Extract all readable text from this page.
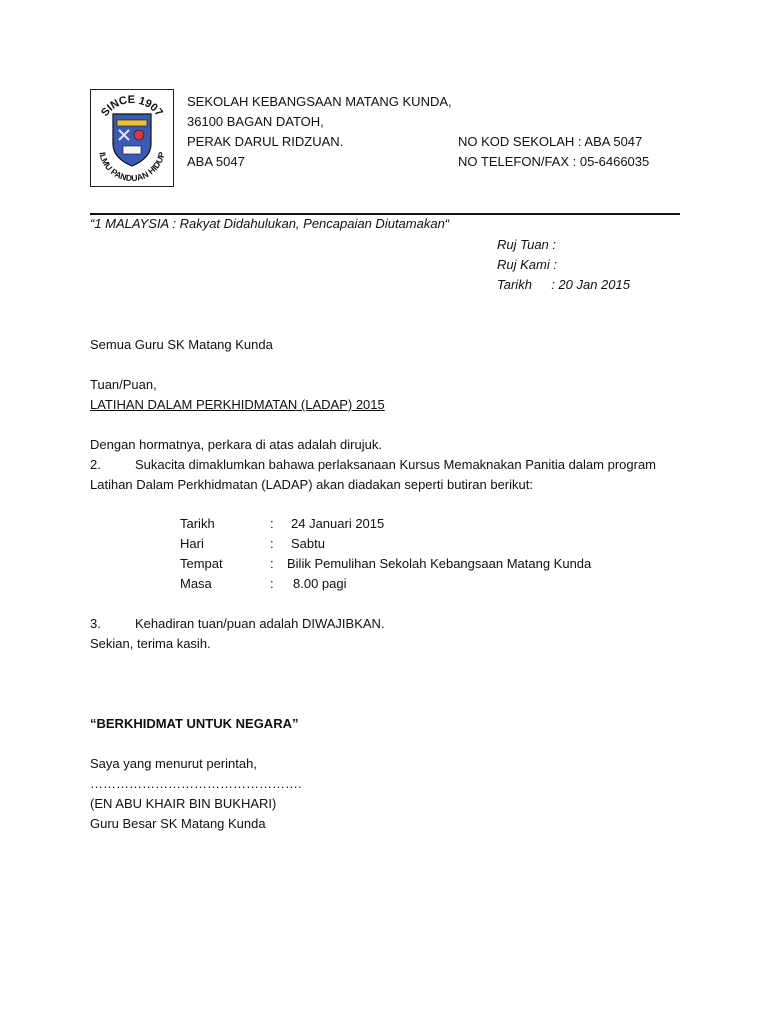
SINCE 1907
ILMU PANDUAN HIDUP
SEKOLAH KEBANGSAAN MATANG KUNDA,
36100 BAGAN DATOH,
PERAK DARUL RIDZUAN.
ABA 5047
NO KOD SEKOLAH : ABA 5047
NO TELEFON/FAX : 05-6466035
“1 MALAYSIA : Rakyat Didahulukan, Pencapaian Diutamakan“
Ruj Tuan :
Ruj Kami :
Tarikh : 20 Jan 2015
Semua Guru SK Matang Kunda
Tuan/Puan,
LATIHAN DALAM PERKHIDMATAN (LADAP) 2015
Dengan hormatnya, perkara di atas adalah dirujuk.
2.	Sukacita dimaklumkan bahawa perlaksanaan Kursus Memaknakan Panitia dalam program
Latihan Dalam Perkhidmatan (LADAP) akan diadakan seperti butiran berikut:
Tarikh	: 24 Januari 2015
Hari	: Sabtu
Tempat	: Bilik Pemulihan Sekolah Kebangsaan Matang Kunda
Masa	: 8.00 pagi
3.	Kehadiran tuan/puan adalah DIWAJIBKAN.
Sekian, terima kasih.
“BERKHIDMAT UNTUK NEGARA”
Saya yang menurut perintah,
………………………………………….
(EN ABU KHAIR BIN BUKHARI)
Guru Besar SK Matang Kunda
